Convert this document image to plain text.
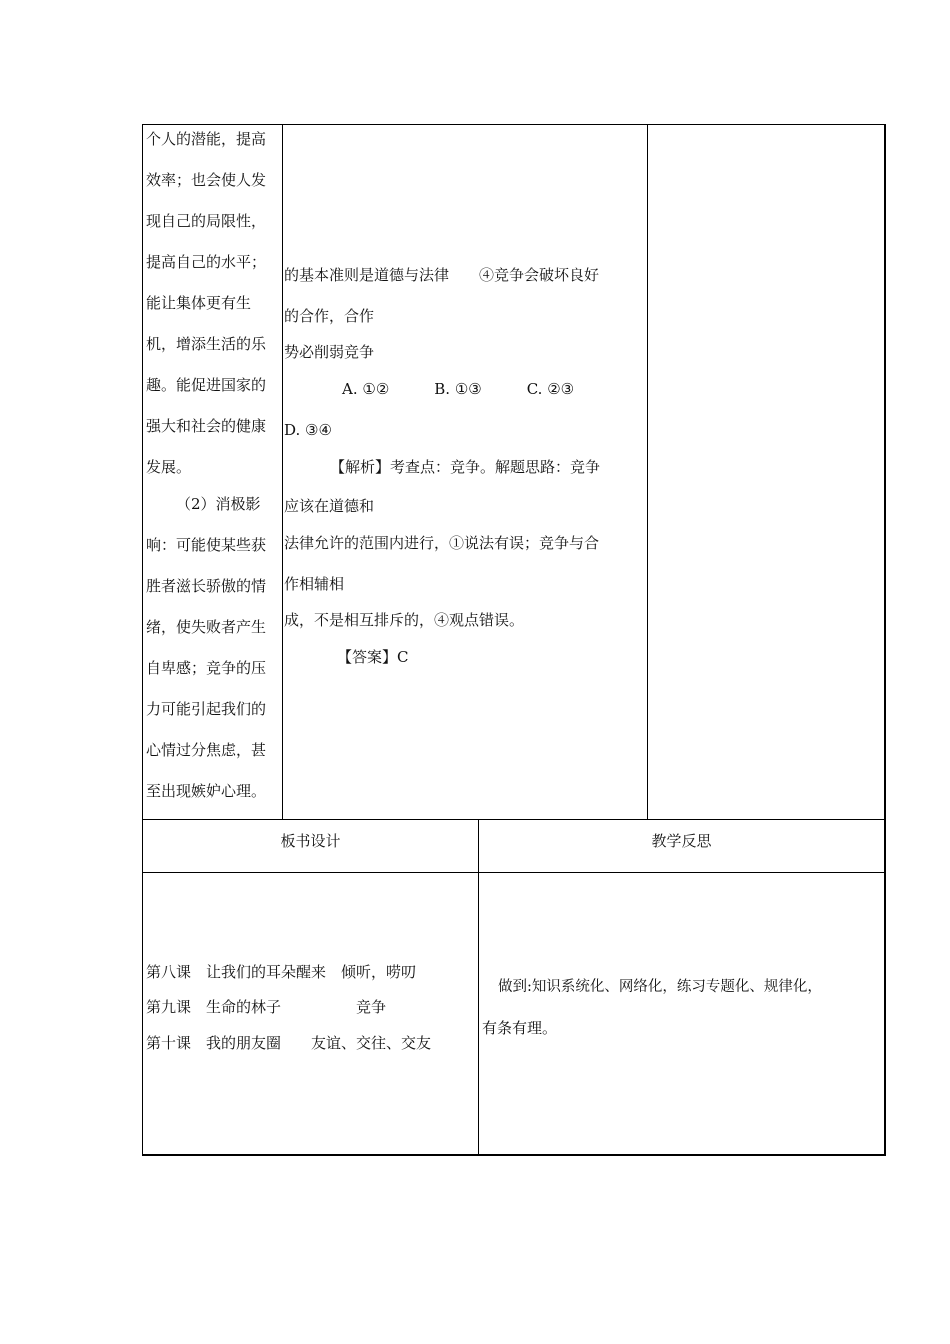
个人的潜能，提高
效率；也会使人发
现自己的局限性，
提高自己的水平；
能让集体更有生
机，增添生活的乐
趣。能促进国家的
强大和社会的健康
发展。
（2）消极影
响：可能使某些获
胜者滋长骄傲的情
绪，使失败者产生
自卑感；竞争的压
力可能引起我们的
心情过分焦虑，甚
至出现嫉妒心理。
的基本准则是道德与法律　　④竞争会破坏良好
的合作，合作
势必削弱竞争
A. ①②　　　B. ①③　　　C. ②③
D. ③④
【解析】考查点：竞争。解题思路：竞争
应该在道德和
法律允许的范围内进行，①说法有误；竞争与合
作相辅相
成，不是相互排斥的，④观点错误。
【答案】C
板书设计	教学反思
第八课　让我们的耳朵醒来　倾听，唠叨
第九课　生命的林子　　　　　竞争
第十课　我的朋友圈　　友谊、交往、交友
做到:知识系统化、网络化，练习专题化、规律化，
有条有理。
